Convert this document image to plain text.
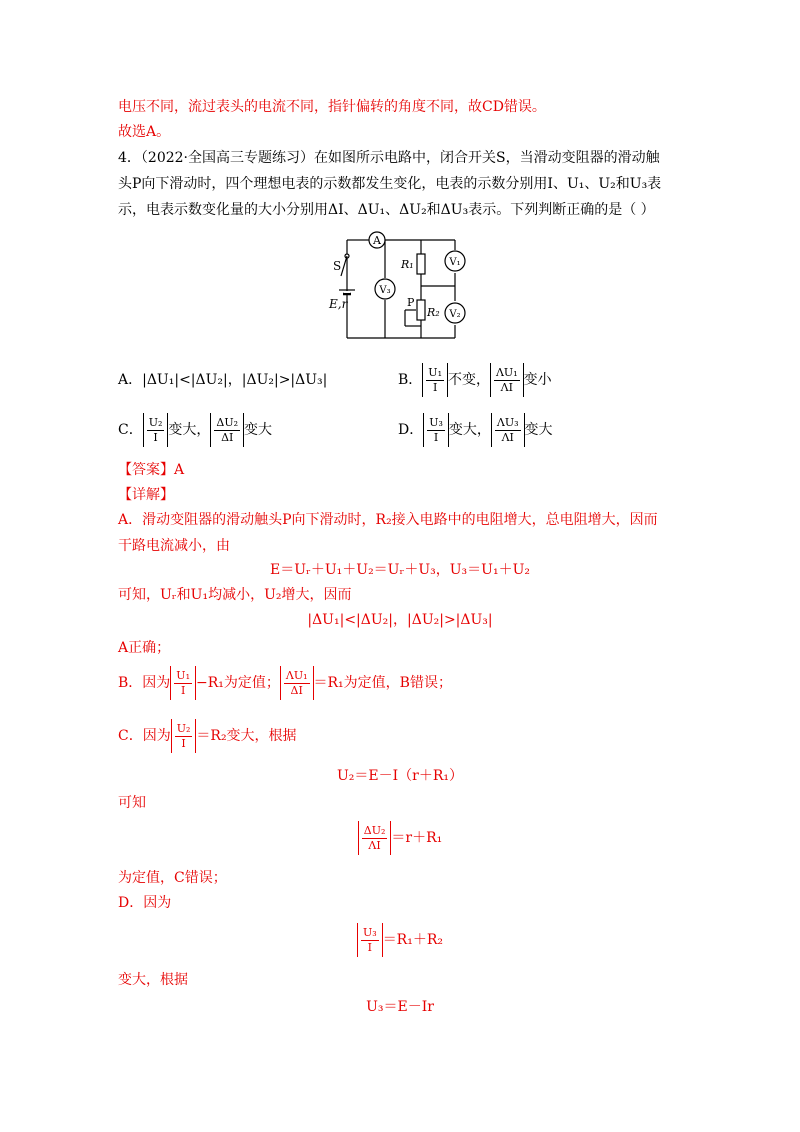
电压不同，流过表头的电流不同，指针偏转的角度不同，故CD错误。
故选A。
4．（2022·全国高三专题练习）在如图所示电路中，闭合开关S，当滑动变阻器的滑动触
头P向下滑动时，四个理想电表的示数都发生变化，电表的示数分别用I、U₁、U₂和U₃表
示，电表示数变化量的大小分别用ΔI、ΔU₁、ΔU₂和ΔU₃表示。下列判断正确的是（ ）
A
V₃
V₁
V₂
S
E,r
R₁
P
R₂
A．|ΔU₁|<|ΔU₂|，|ΔU₂|>|ΔU₃|	B． $\frac{\text{U₁}}{I}$ 不变， $\frac{\text{ΛU₁}}{\Lambda I}$ 变小
C． $\frac{\text{U₂}}{I}$ 变大， $\frac{\text{ΔU₂}}{\Delta I}$ 变大	D． $\frac{\text{U₃}}{I}$ 变大， $\frac{\text{ΛU₃}}{\Lambda I}$ 变大
【答案】A
【详解】
A．滑动变阻器的滑动触头P向下滑动时，R₂接入电路中的电阻增大，总电阻增大，因而
干路电流减小，由
E＝Uᵣ＋U₁＋U₂＝Uᵣ＋U₃，U₃＝U₁＋U₂
可知，Uᵣ和U₁均减小，U₂增大，因而
|ΔU₁|<|ΔU₂|，|ΔU₂|>|ΔU₃|
A正确；
B．因为 $\frac{\text{U₁}}{I} -R_1$为定值； $\frac{\text{ΛU₁}}{\Delta I} =R_1$为定值，B错误；
C．因为 $\frac{\text{U₂}}{I} =R_2$变大，根据
U₂＝E－I（r＋R₁）
可知
$\frac{\text{ΔU₂}}{\Lambda I} =r+R_1$
为定值，C错误；
D．因为
$\frac{\text{U₃}}{I} =R_1+R_2$
变大，根据
U₃＝E－Ir
